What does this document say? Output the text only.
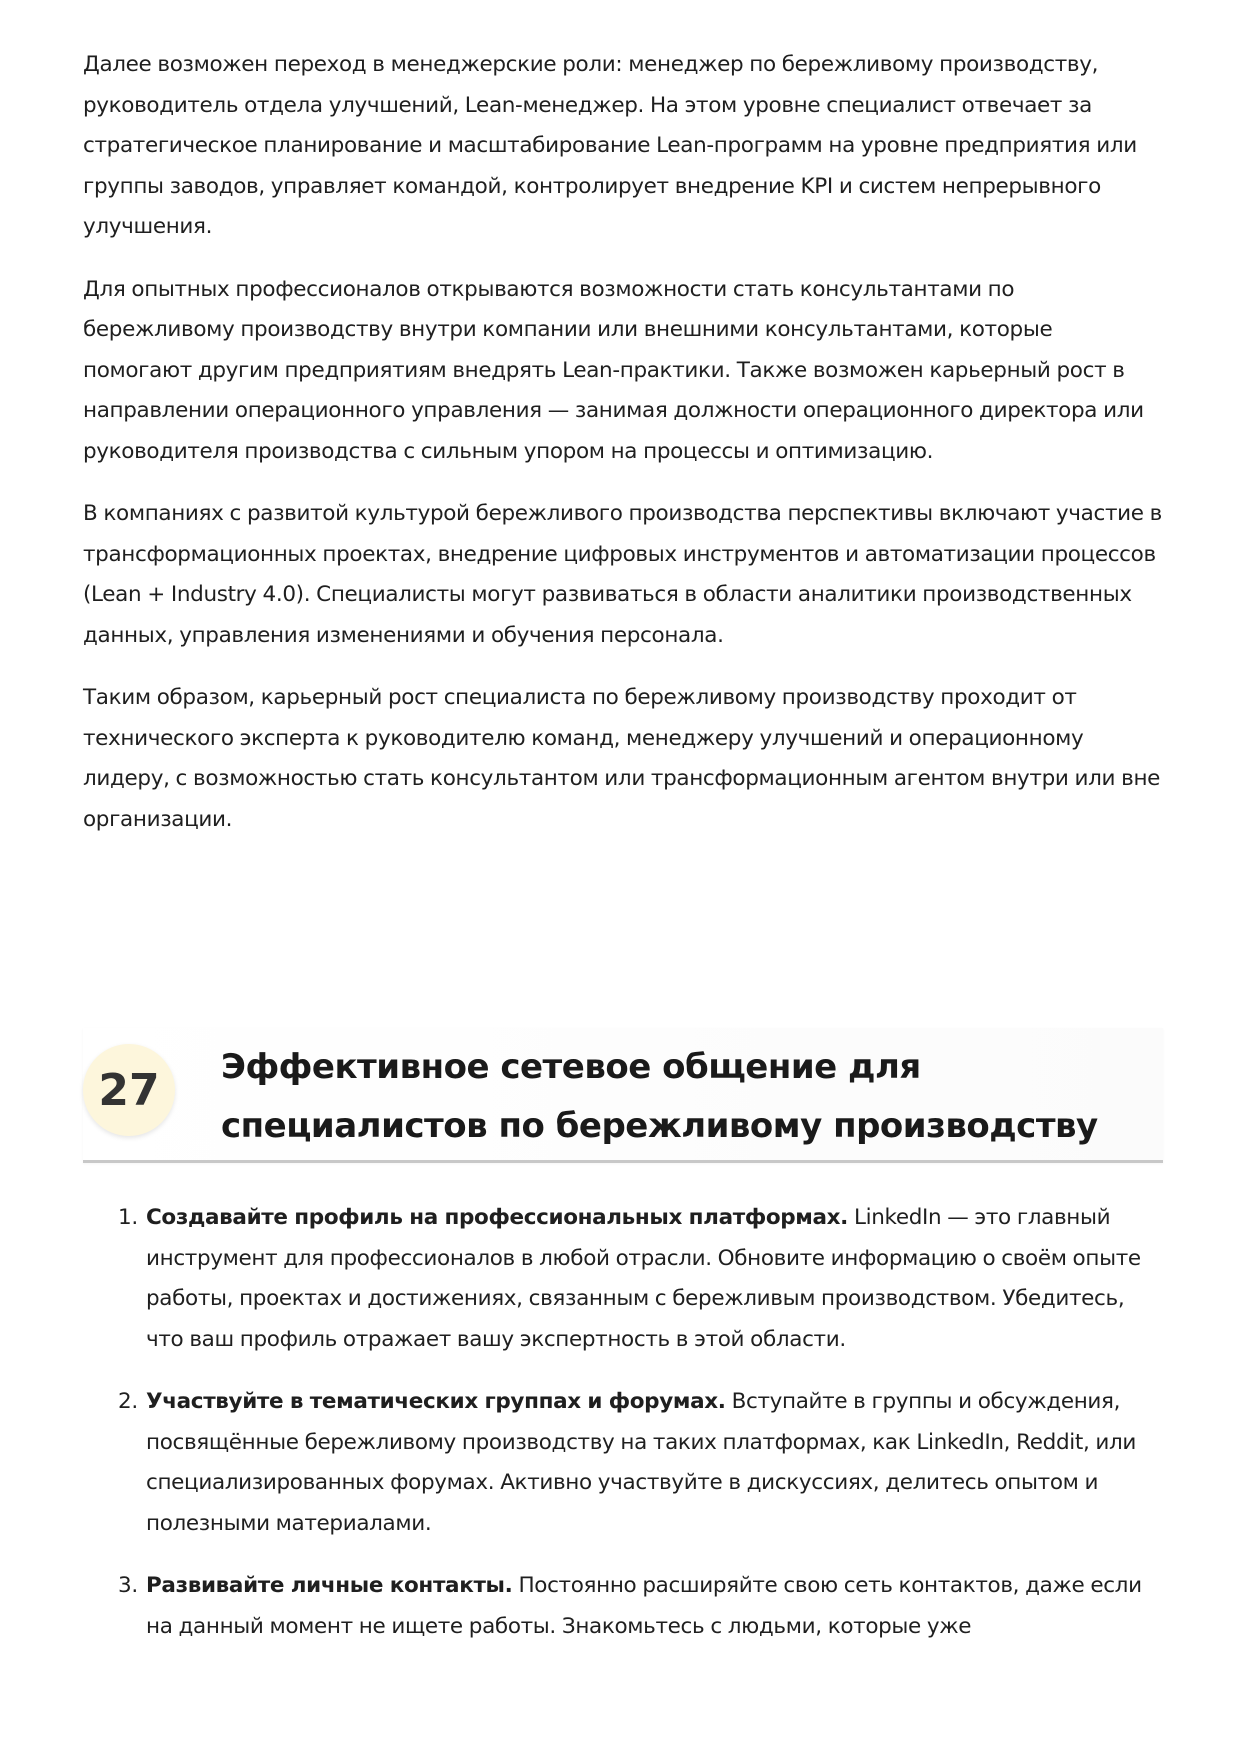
Далее возможен переход в менеджерские роли: менеджер по бережливому производству, руководитель отдела улучшений, Lean-менеджер. На этом уровне специалист отвечает за стратегическое планирование и масштабирование Lean-программ на уровне предприятия или группы заводов, управляет командой, контролирует внедрение KPI и систем непрерывного улучшения.

Для опытных профессионалов открываются возможности стать консультантами по бережливому производству внутри компании или внешними консультантами, которые помогают другим предприятиям внедрять Lean-практики. Также возможен карьерный рост в направлении операционного управления — занимая должности операционного директора или руководителя производства с сильным упором на процессы и оптимизацию.

В компаниях с развитой культурой бережливого производства перспективы включают участие в трансформационных проектах, внедрение цифровых инструментов и автоматизации процессов (Lean + Industry 4.0). Специалисты могут развиваться в области аналитики производственных данных, управления изменениями и обучения персонала.

Таким образом, карьерный рост специалиста по бережливому производству проходит от технического эксперта к руководителю команд, менеджеру улучшений и операционному лидеру, с возможностью стать консультантом или трансформационным агентом внутри или вне организации.

27	Эффективное сетевое общение для специалистов по бережливому производству
1. Создавайте профиль на профессиональных платформах. LinkedIn — это главный инструмент для профессионалов в любой отрасли. Обновите информацию о своём опыте работы, проектах и достижениях, связанным с бережливым производством. Убедитесь, что ваш профиль отражает вашу экспертность в этой области.
2. Участвуйте в тематических группах и форумах. Вступайте в группы и обсуждения, посвящённые бережливому производству на таких платформах, как LinkedIn, Reddit, или специализированных форумах. Активно участвуйте в дискуссиях, делитесь опытом и полезными материалами.
3. Развивайте личные контакты. Постоянно расширяйте свою сеть контактов, даже если на данный момент не ищете работы. Знакомьтесь с людьми, которые уже
